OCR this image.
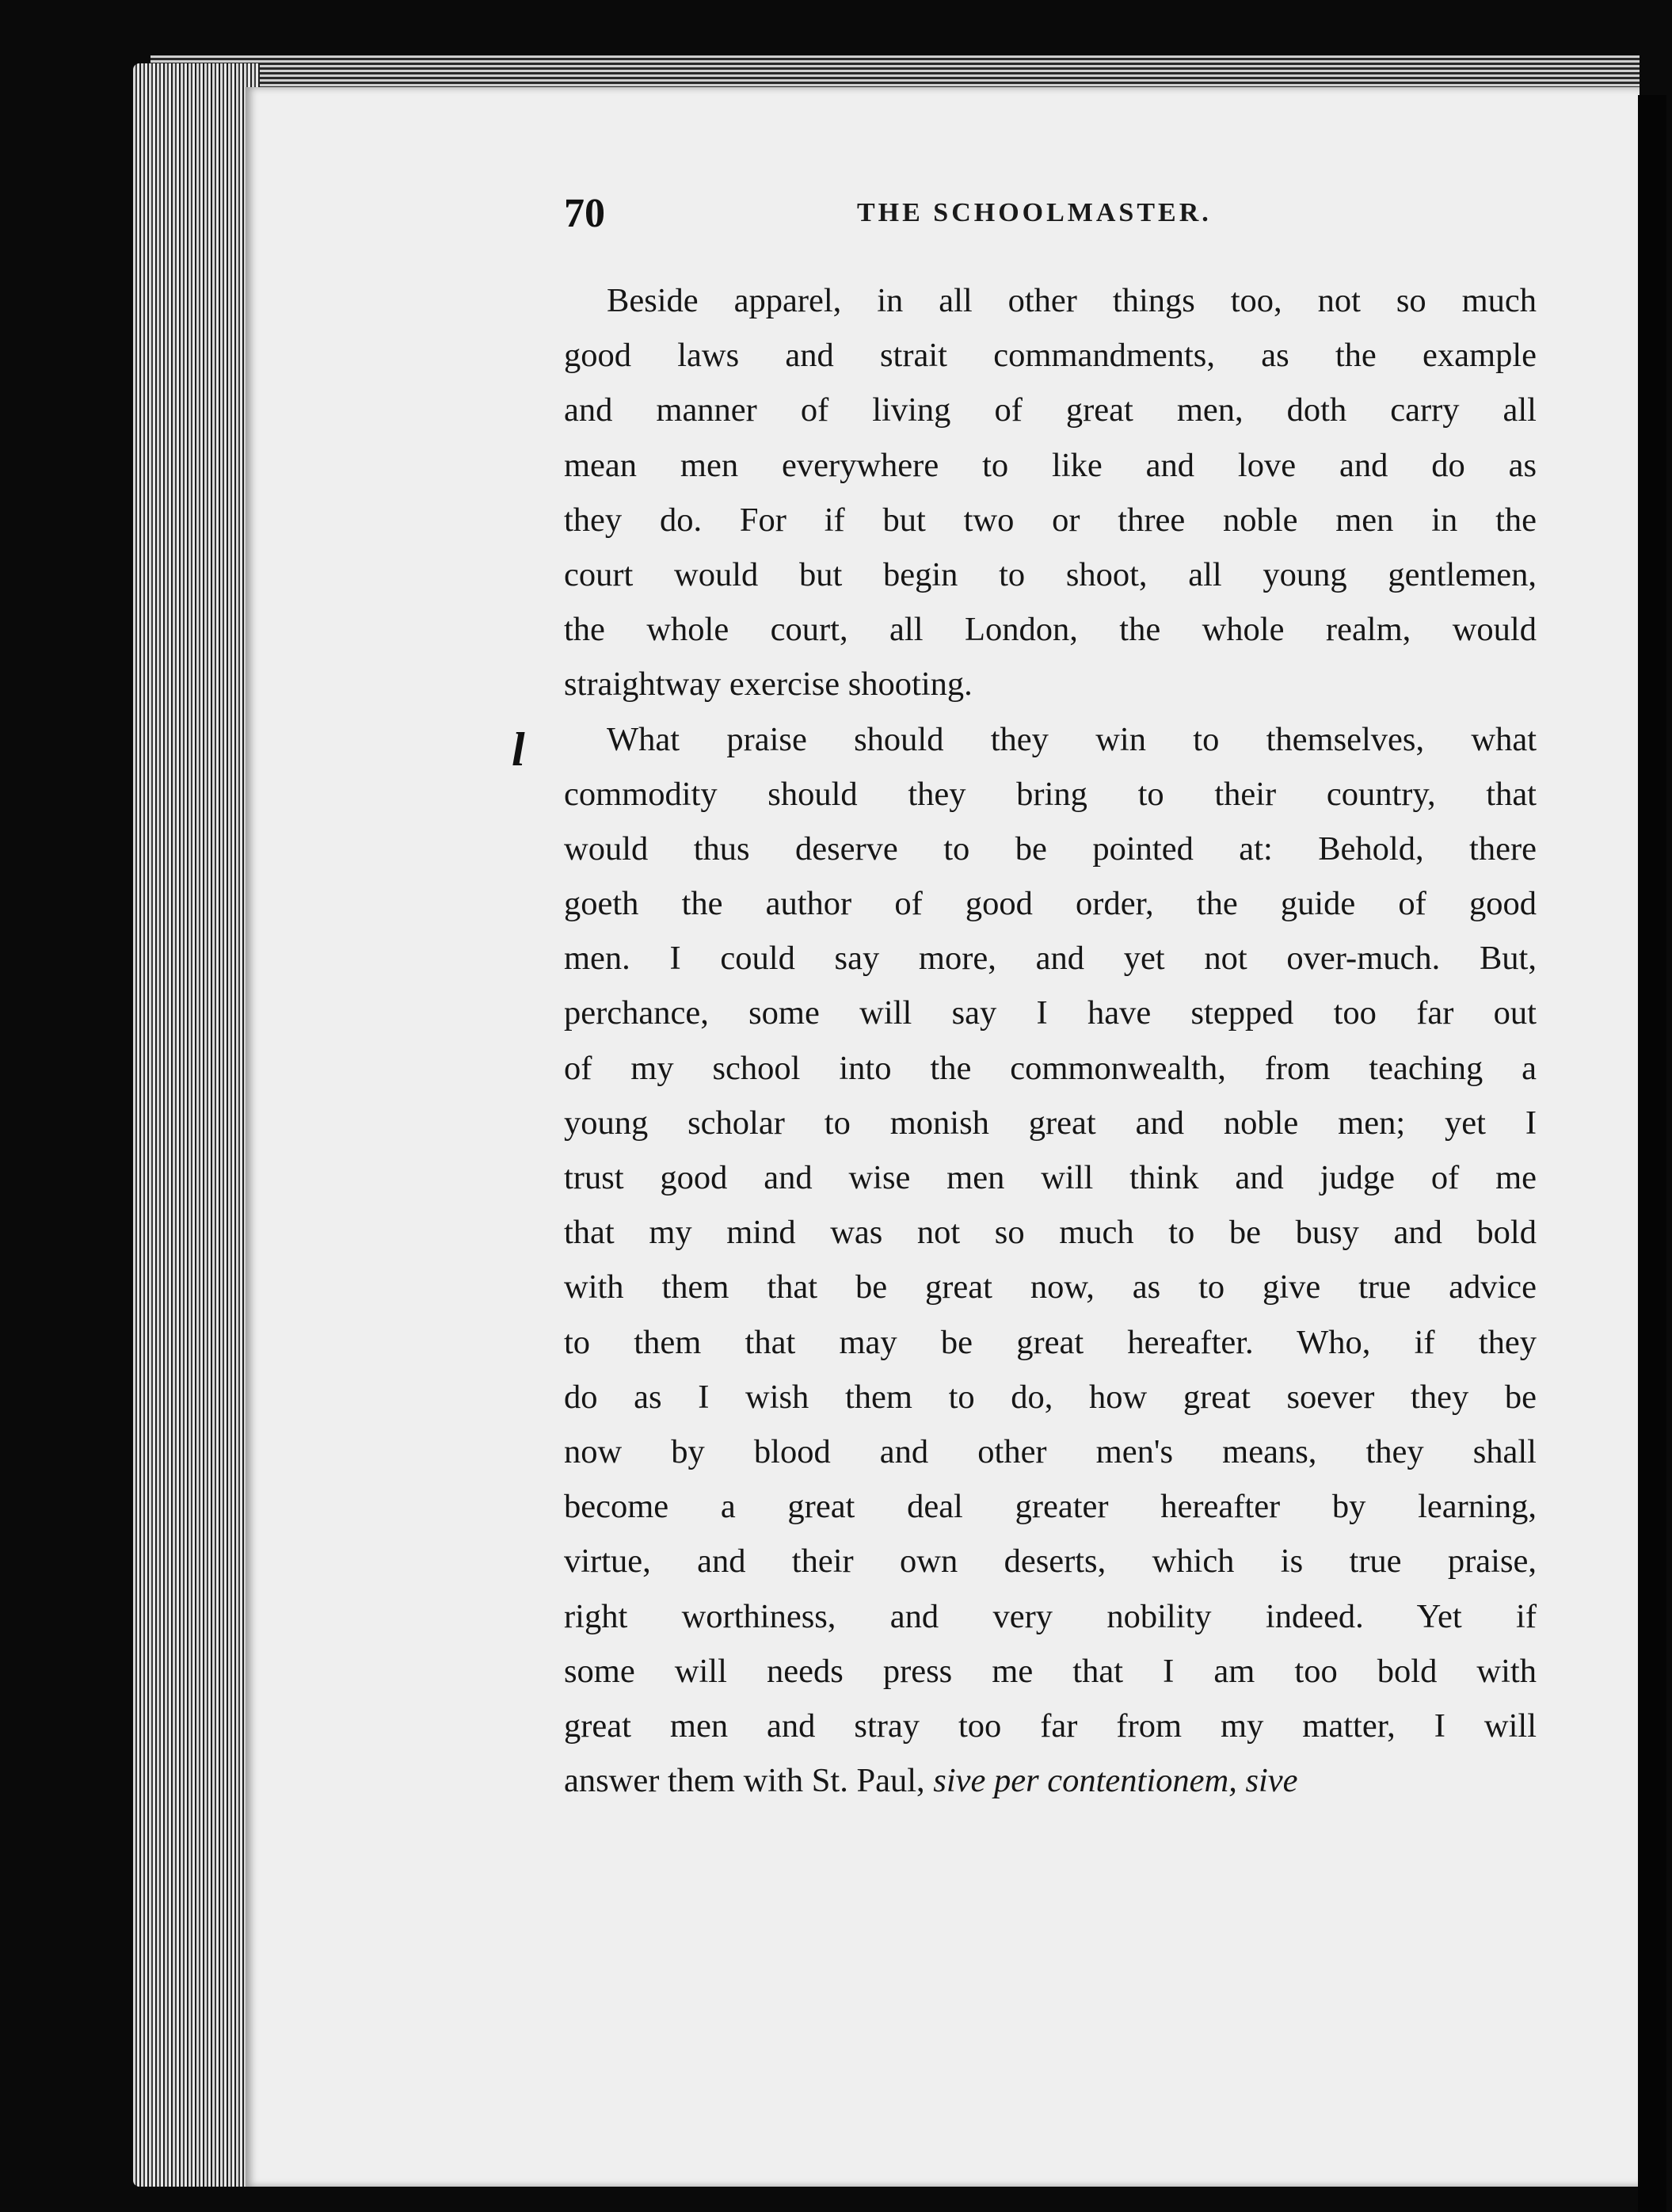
70	THE SCHOOLMASTER.
l
Beside apparel, in all other things too, not so much
good laws and strait commandments, as the example
and manner of living of great men, doth carry all
mean men everywhere to like and love and do as
they do. For if but two or three noble men in the
court would but begin to shoot, all young gentlemen,
the whole court, all London, the whole realm, would
straightway exercise shooting.
What praise should they win to themselves, what
commodity should they bring to their country, that
would thus deserve to be pointed at: Behold, there
goeth the author of good order, the guide of good
men. I could say more, and yet not over-much. But,
perchance, some will say I have stepped too far out
of my school into the commonwealth, from teaching a
young scholar to monish great and noble men; yet I
trust good and wise men will think and judge of me
that my mind was not so much to be busy and bold
with them that be great now, as to give true advice
to them that may be great hereafter. Who, if they
do as I wish them to do, how great soever they be
now by blood and other men's means, they shall
become a great deal greater hereafter by learning,
virtue, and their own deserts, which is true praise,
right worthiness, and very nobility indeed. Yet if
some will needs press me that I am too bold with
great men and stray too far from my matter, I will
answer them with St. Paul, sive per contentionem, sive
